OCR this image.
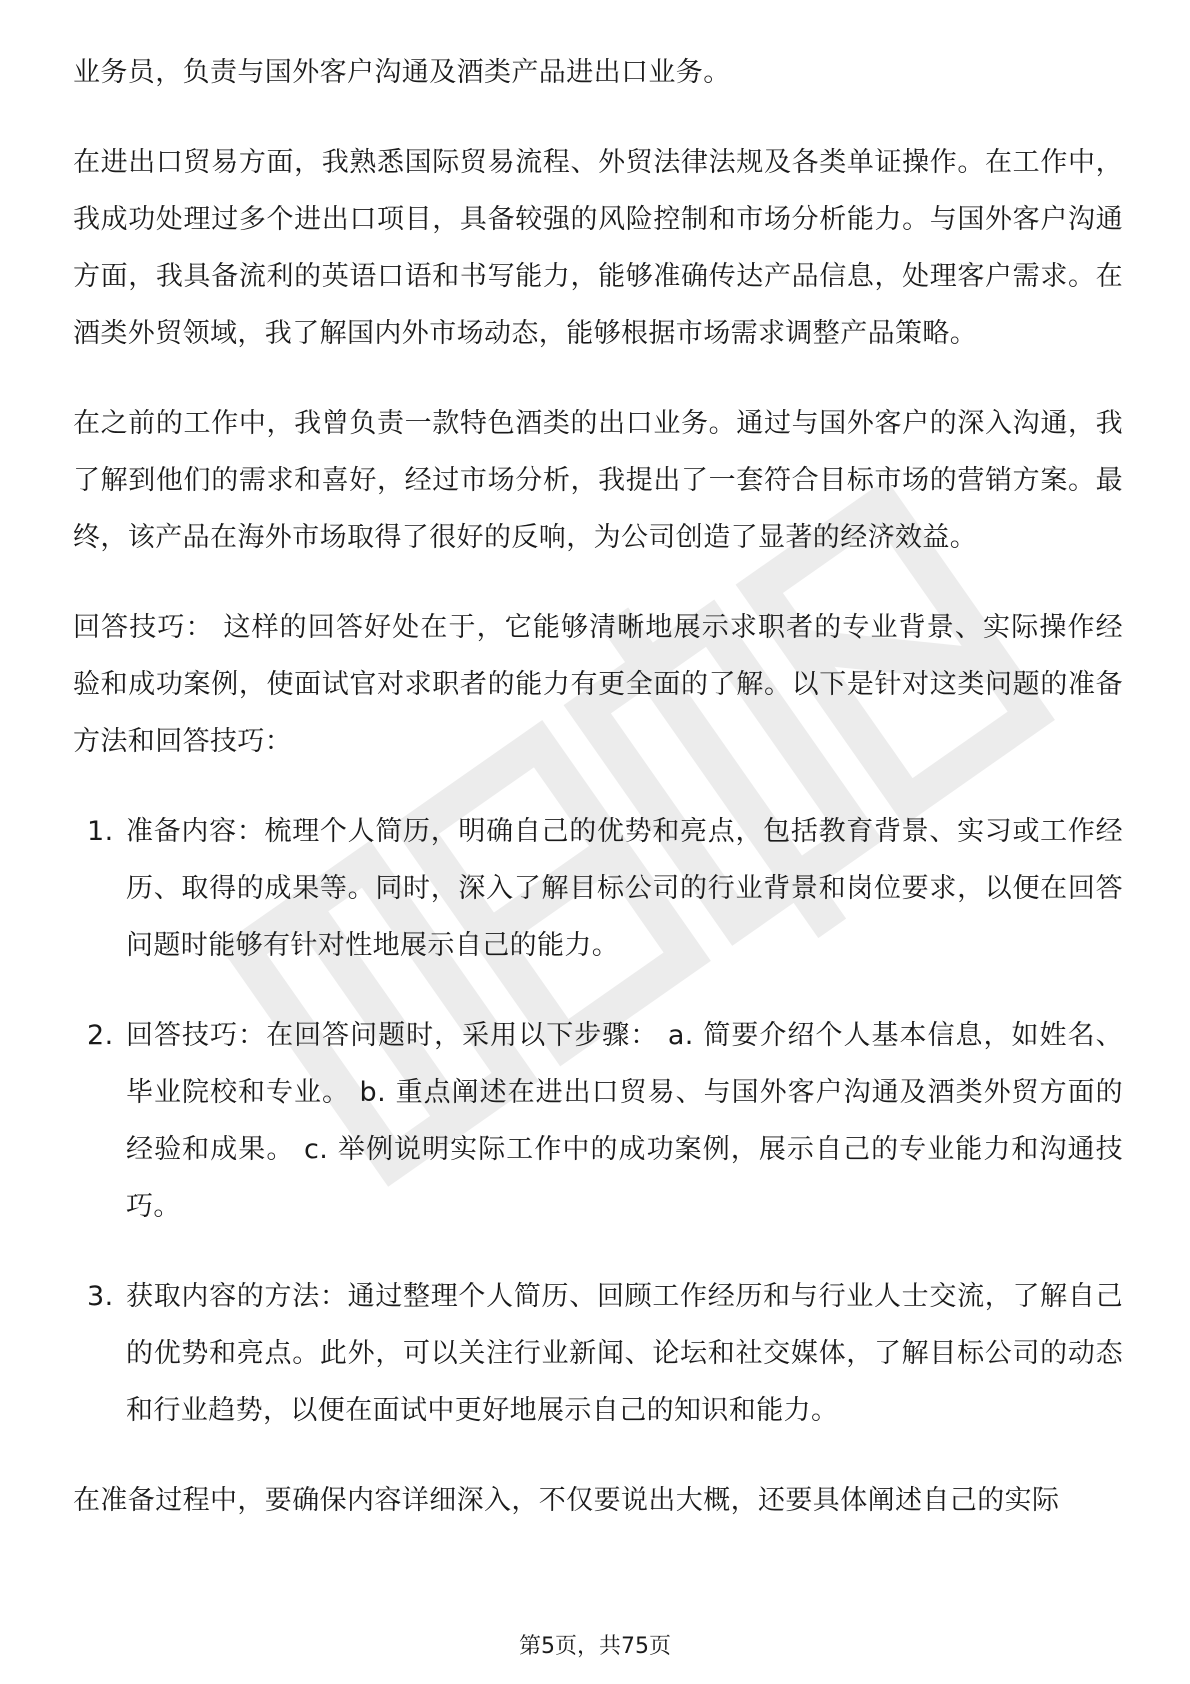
业务员，负责与国外客户沟通及酒类产品进出口业务。

在进出口贸易方面，我熟悉国际贸易流程、外贸法律法规及各类单证操作。在工作中，我成功处理过多个进出口项目，具备较强的风险控制和市场分析能力。与国外客户沟通方面，我具备流利的英语口语和书写能力，能够准确传达产品信息，处理客户需求。在酒类外贸领域，我了解国内外市场动态，能够根据市场需求调整产品策略。

在之前的工作中，我曾负责一款特色酒类的出口业务。通过与国外客户的深入沟通，我了解到他们的需求和喜好，经过市场分析，我提出了一套符合目标市场的营销方案。最终，该产品在海外市场取得了很好的反响，为公司创造了显著的经济效益。

回答技巧： 这样的回答好处在于，它能够清晰地展示求职者的专业背景、实际操作经验和成功案例，使面试官对求职者的能力有更全面的了解。以下是针对这类问题的准备方法和回答技巧：

1. 准备内容：梳理个人简历，明确自己的优势和亮点，包括教育背景、实习或工作经历、取得的成果等。同时，深入了解目标公司的行业背景和岗位要求，以便在回答问题时能够有针对性地展示自己的能力。
2. 回答技巧：在回答问题时，采用以下步骤： a. 简要介绍个人基本信息，如姓名、毕业院校和专业。 b. 重点阐述在进出口贸易、与国外客户沟通及酒类外贸方面的经验和成果。 c. 举例说明实际工作中的成功案例，展示自己的专业能力和沟通技巧。
3. 获取内容的方法：通过整理个人简历、回顾工作经历和与行业人士交流，了解自己的优势和亮点。此外，可以关注行业新闻、论坛和社交媒体，了解目标公司的动态和行业趋势，以便在面试中更好地展示自己的知识和能力。

在准备过程中，要确保内容详细深入，不仅要说出大概，还要具体阐述自己的实际

第5页，共75页
